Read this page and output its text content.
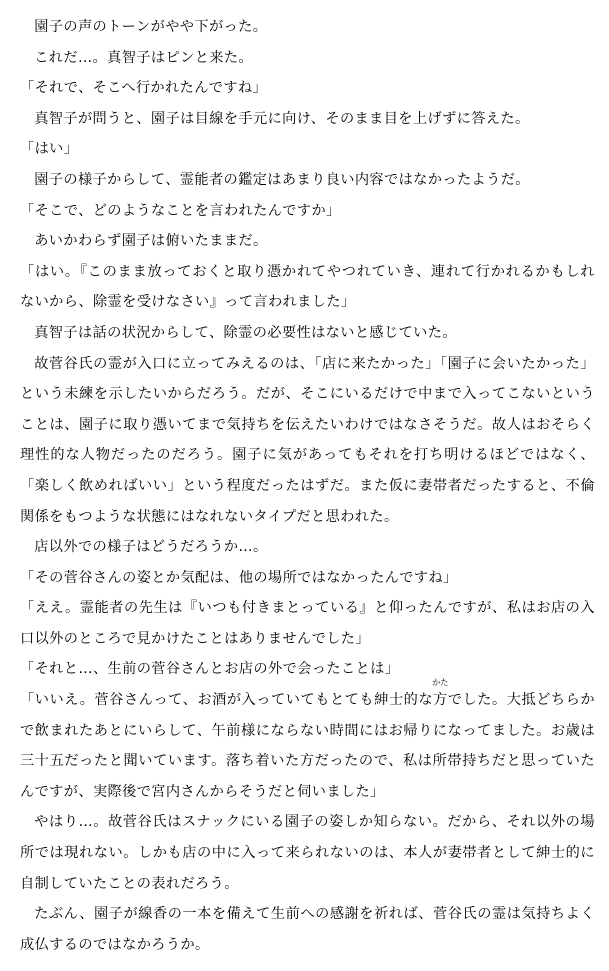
園子の声のトーンがやや下がった。

これだ…。真智子はピンと来た。

「それで、そこへ行かれたんですね」

真智子が問うと、園子は目線を手元に向け、そのまま目を上げずに答えた。

「はい」

園子の様子からして、霊能者の鑑定はあまり良い内容ではなかったようだ。

「そこで、どのようなことを言われたんですか」

あいかわらず園子は俯いたままだ。

「はい。『このまま放っておくと取り憑かれてやつれていき、連れて行かれるかもしれないから、除霊を受けなさい』って言われました」

真智子は話の状況からして、除霊の必要性はないと感じていた。

故菅谷氏の霊が入口に立ってみえるのは、「店に来たかった」「園子に会いたかった」という未練を示したいからだろう。だが、そこにいるだけで中まで入ってこないということは、園子に取り憑いてまで気持ちを伝えたいわけではなさそうだ。故人はおそらく理性的な人物だったのだろう。園子に気があってもそれを打ち明けるほどではなく、「楽しく飲めればいい」という程度だったはずだ。また仮に妻帯者だったすると、不倫関係をもつような状態にはなれないタイプだと思われた。

店以外での様子はどうだろうか…。

「その菅谷さんの姿とか気配は、他の場所ではなかったんですね」

「ええ。霊能者の先生は『いつも付きまとっている』と仰ったんですが、私はお店の入口以外のところで見かけたことはありませんでした」

「それと…、生前の菅谷さんとお店の外で会ったことは」

「いいえ。菅谷さんって、お酒が入っていてもとても紳士的な
かた
方でした。大抵どちらかで飲まれたあとにいらして、午前様にならない時間にはお帰りになってました。お歳は三十五だったと聞いています。落ち着いた方だったので、私は所帯持ちだと思っていたんですが、実際後で宮内さんからそうだと伺いました」

やはり…。故菅谷氏はスナックにいる園子の姿しか知らない。だから、それ以外の場所では現れない。しかも店の中に入って来られないのは、本人が妻帯者として紳士的に自制していたことの表れだろう。

たぶん、園子が線香の一本を備えて生前への感謝を祈れば、菅谷氏の霊は気持ちよく成仏するのではなかろうか。
